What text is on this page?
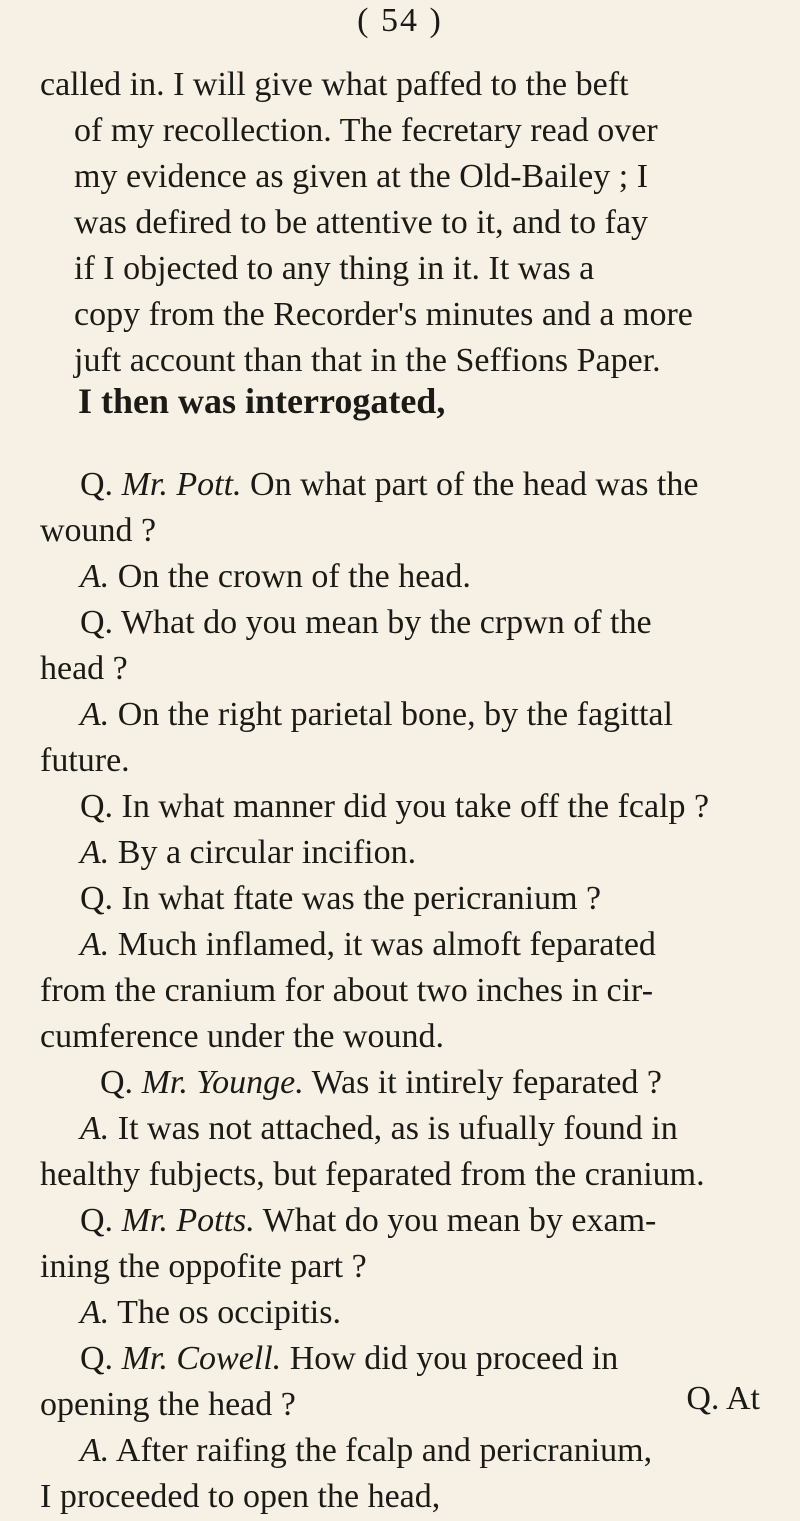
( 54 )
called in. I will give what paffed to the beft
of my recollection. The fecretary read over
my evidence as given at the Old-Bailey ; I
was defired to be attentive to it, and to fay
if I objected to any thing in it. It was a
copy from the Recorder's minutes and a more
juft account than that in the Seffions Paper.
I then was interrogated,
Q. Mr. Pott. On what part of the head was the
wound ?
A. On the crown of the head.
Q. What do you mean by the crpwn of the
head ?
A. On the right parietal bone, by the fagittal
future.
Q. In what manner did you take off the fcalp ?
A. By a circular incifion.
Q. In what ftate was the pericranium ?
A. Much inflamed, it was almoft feparated
from the cranium for about two inches in cir-
cumference under the wound.
Q. Mr. Younge. Was it intirely feparated ?
A. It was not attached, as is ufually found in
healthy fubjects, but feparated from the cranium.
Q. Mr. Potts. What do you mean by exam-
ining the oppofite part ?
A. The os occipitis.
Q. Mr. Cowell. How did you proceed in
opening the head ?
A. After raifing the fcalp and pericranium,
I proceeded to open the head,
Q. At
